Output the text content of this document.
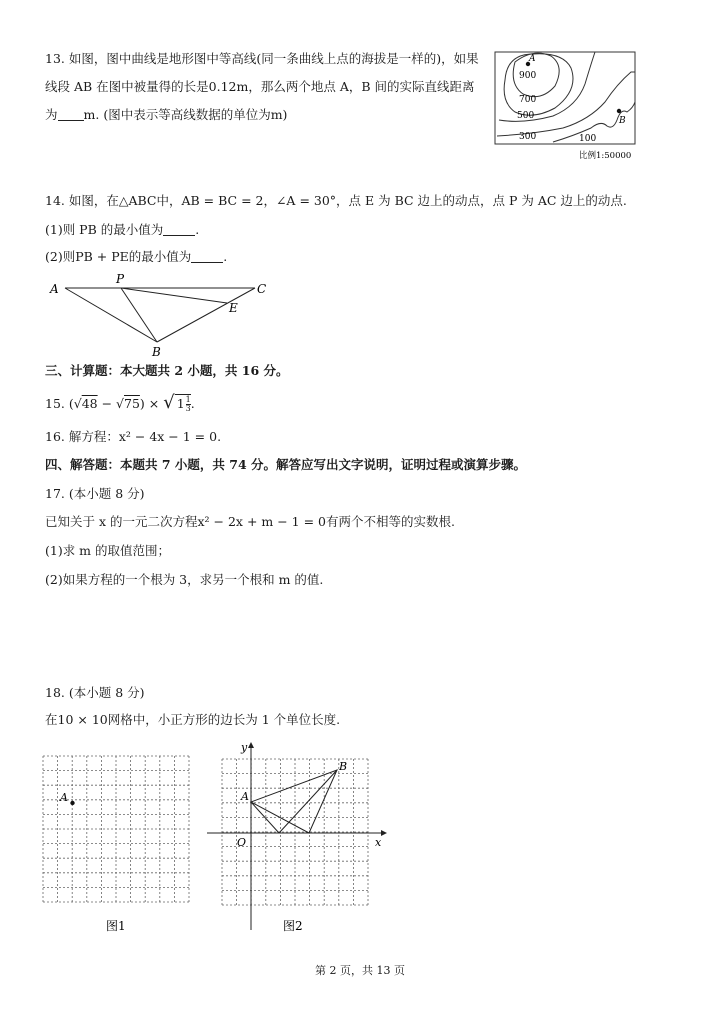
13. 如图，图中曲线是地形图中等高线(同一条曲线上点的海拔是一样的)，如果
线段 AB 在图中被量得的长是0.12m，那么两个地点 A，B 间的实际直线距离
为 m. (图中表示等高线数据的单位为m)
A
B
900
700
500
300	100
比例1:50000
14. 如图，在△ABC中，AB = BC = 2，∠A = 30°，点 E 为 BC 边上的动点，点 P 为 AC 边上的动点.
(1)则 PB 的最小值为	.
(2)则PB + PE的最小值为	.
A
P
C
E
B
三、计算题：本大题共 2 小题，共 16 分。
15. (√48 − √75) × √ $1 \frac{1}{3}$ .
16. 解方程：x² − 4x − 1 = 0.
四、解答题：本题共 7 小题，共 74 分。解答应写出文字说明，证明过程或演算步骤。
17. (本小题 8 分)
已知关于 x 的一元二次方程x² − 2x + m − 1 = 0有两个不相等的实数根.
(1)求 m 的取值范围；
(2)如果方程的一个根为 3，求另一个根和 m 的值.
18. (本小题 8 分)
在10 × 10网格中，小正方形的边长为 1 个单位长度.
A
图1
y
x
O
A
B
图2
第 2 页，共 13 页
